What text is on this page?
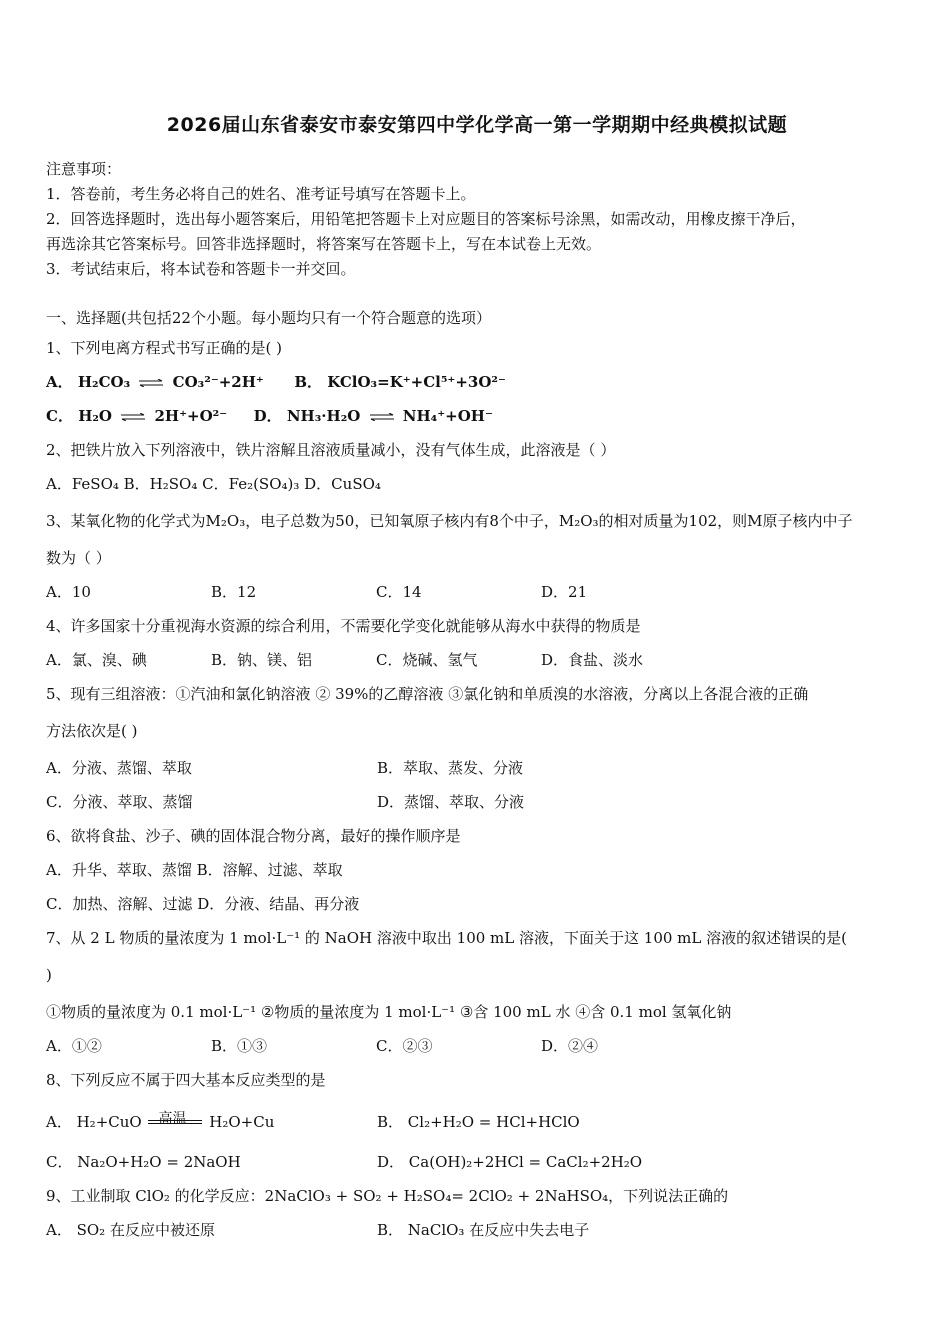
2026届山东省泰安市泰安第四中学化学高一第一学期期中经典模拟试题
注意事项：
1．答卷前，考生务必将自己的姓名、准考证号填写在答题卡上。
2．回答选择题时，选出每小题答案后，用铅笔把答题卡上对应题目的答案标号涂黑，如需改动，用橡皮擦干净后，
再选涂其它答案标号。回答非选择题时，将答案写在答题卡上，写在本试卷上无效。
3．考试结束后，将本试卷和答题卡一并交回。
一、选择题(共包括22个小题。每小题均只有一个符合题意的选项）
1、下列电离方程式书写正确的是( )
A． H₂CO₃ ⇌ CO₃²⁻+2H⁺ B． KClO₃=K⁺+Cl⁵⁺+3O²⁻
C． H₂O ⇌ 2H⁺+O²⁻ D． NH₃·H₂O ⇌ NH₄⁺+OH⁻
2、把铁片放入下列溶液中，铁片溶解且溶液质量减小，没有气体生成，此溶液是（ ）
A．FeSO₄ B．H₂SO₄ C．Fe₂(SO₄)₃ D．CuSO₄
3、某氧化物的化学式为M₂O₃，电子总数为50，已知氧原子核内有8个中子，M₂O₃的相对质量为102，则M原子核内中子
数为（ ）
A．10	B．12	C．14	D．21
4、许多国家十分重视海水资源的综合利用，不需要化学变化就能够从海水中获得的物质是
A．氯、溴、碘	B．钠、镁、铝	C．烧碱、氢气	D．食盐、淡水
5、现有三组溶液：①汽油和氯化钠溶液 ② 39%的乙醇溶液 ③氯化钠和单质溴的水溶液，分离以上各混合液的正确
方法依次是( )
A．分液、蒸馏、萃取	B．萃取、蒸发、分液
C．分液、萃取、蒸馏	D．蒸馏、萃取、分液
6、欲将食盐、沙子、碘的固体混合物分离，最好的操作顺序是
A．升华、萃取、蒸馏 B．溶解、过滤、萃取
C．加热、溶解、过滤 D．分液、结晶、再分液
7、从 2 L 物质的量浓度为 1 mol·L⁻¹ 的 NaOH 溶液中取出 100 mL 溶液，下面关于这 100 mL 溶液的叙述错误的是(
)
①物质的量浓度为 0.1 mol·L⁻¹ ②物质的量浓度为 1 mol·L⁻¹ ③含 100 mL 水 ④含 0.1 mol 氢氧化钠
A．①②	B．①③	C．②③	D．②④
8、下列反应不属于四大基本反应类型的是
A． H₂+CuO 高温 H₂O+Cu	B． Cl₂+H₂O = HCl+HClO
C． Na₂O+H₂O = 2NaOH	D． Ca(OH)₂+2HCl = CaCl₂+2H₂O
9、工业制取 ClO₂ 的化学反应：2NaClO₃ + SO₂ + H₂SO₄= 2ClO₂ + 2NaHSO₄，下列说法正确的
A． SO₂ 在反应中被还原	B． NaClO₃ 在反应中失去电子
